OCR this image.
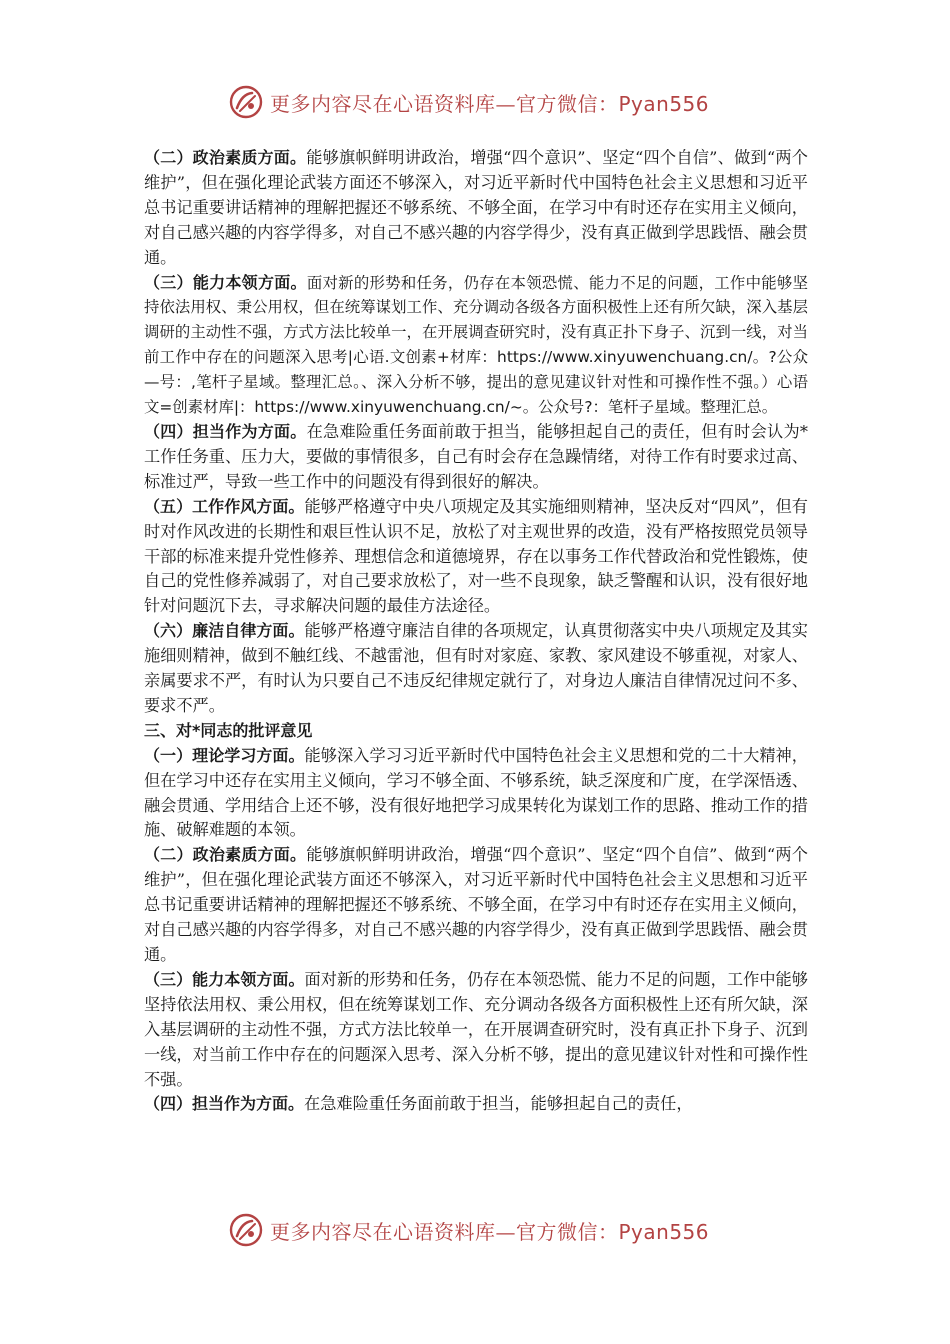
更多内容尽在心语资料库—官方微信：Pyan556

（二）政治素质方面。能够旗帜鲜明讲政治，增强“四个意识”、坚定“四个自信”、做到“两个维护”，但在强化理论武装方面还不够深入，对习近平新时代中国特色社会主义思想和习近平总书记重要讲话精神的理解把握还不够系统、不够全面，在学习中有时还存在实用主义倾向，对自己感兴趣的内容学得多，对自己不感兴趣的内容学得少，没有真正做到学思践悟、融会贯通。

（三）能力本领方面。面对新的形势和任务，仍存在本领恐慌、能力不足的问题，工作中能够坚持依法用权、秉公用权，但在统筹谋划工作、充分调动各级各方面积极性上还有所欠缺，深入基层调研的主动性不强，方式方法比较单一，在开展调查研究时，没有真正扑下身子、沉到一线，对当前工作中存在的问题深入思考|心语.文创素+材库：https://www.xinyuwenchuang.cn/。?公众—号：,笔杆子星域。整理汇总。、深入分析不够，提出的意见建议针对性和可操作性不强。）心语文=创素材库|：https://www.xinyuwenchuang.cn/~。公众号?：笔杆子星域。整理汇总。

（四）担当作为方面。在急难险重任务面前敢于担当，能够担起自己的责任，但有时会认为*工作任务重、压力大，要做的事情很多，自己有时会存在急躁情绪，对待工作有时要求过高、标准过严，导致一些工作中的问题没有得到很好的解决。

（五）工作作风方面。能够严格遵守中央八项规定及其实施细则精神，坚决反对“四风”，但有时对作风改进的长期性和艰巨性认识不足，放松了对主观世界的改造，没有严格按照党员领导干部的标准来提升党性修养、理想信念和道德境界，存在以事务工作代替政治和党性锻炼，使自己的党性修养减弱了，对自己要求放松了，对一些不良现象，缺乏警醒和认识，没有很好地针对问题沉下去，寻求解决问题的最佳方法途径。

（六）廉洁自律方面。能够严格遵守廉洁自律的各项规定，认真贯彻落实中央八项规定及其实施细则精神，做到不触红线、不越雷池，但有时对家庭、家教、家风建设不够重视，对家人、亲属要求不严，有时认为只要自己不违反纪律规定就行了，对身边人廉洁自律情况过问不多、要求不严。

三、对*同志的批评意见

（一）理论学习方面。能够深入学习习近平新时代中国特色社会主义思想和党的二十大精神，但在学习中还存在实用主义倾向，学习不够全面、不够系统，缺乏深度和广度，在学深悟透、融会贯通、学用结合上还不够，没有很好地把学习成果转化为谋划工作的思路、推动工作的措施、破解难题的本领。

（二）政治素质方面。能够旗帜鲜明讲政治，增强“四个意识”、坚定“四个自信”、做到“两个维护”，但在强化理论武装方面还不够深入，对习近平新时代中国特色社会主义思想和习近平总书记重要讲话精神的理解把握还不够系统、不够全面，在学习中有时还存在实用主义倾向，对自己感兴趣的内容学得多，对自己不感兴趣的内容学得少，没有真正做到学思践悟、融会贯通。

（三）能力本领方面。面对新的形势和任务，仍存在本领恐慌、能力不足的问题，工作中能够坚持依法用权、秉公用权，但在统筹谋划工作、充分调动各级各方面积极性上还有所欠缺，深入基层调研的主动性不强，方式方法比较单一，在开展调查研究时，没有真正扑下身子、沉到一线，对当前工作中存在的问题深入思考、深入分析不够，提出的意见建议针对性和可操作性不强。

（四）担当作为方面。在急难险重任务面前敢于担当，能够担起自己的责任，

更多内容尽在心语资料库—官方微信：Pyan556
